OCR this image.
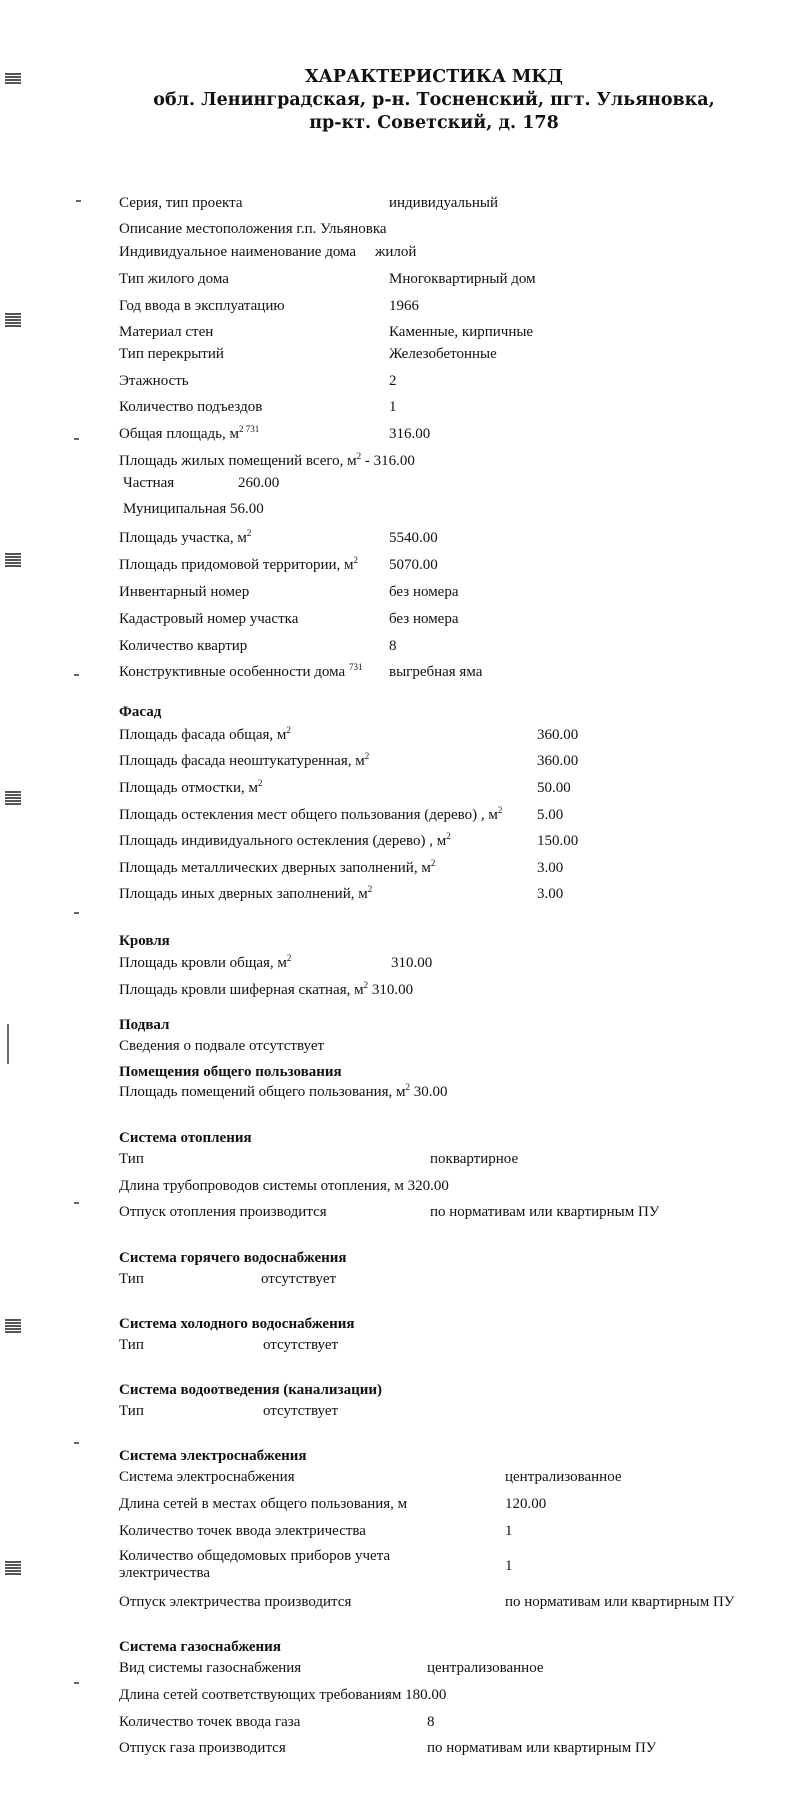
ХАРАКТЕРИСТИКА МКД
обл. Ленинградская, р-н. Тосненский, пгт. Ульяновка,
пр-кт. Советский, д. 178
Серия, тип проекта	индивидуальный
Описание местоположения г.п. Ульяновка
Индивидуальное наименование дома жилой
Тип жилого дома	Многоквартирный дом
Год ввода в эксплуатацию	1966
Материал стен	Каменные, кирпичные
Тип перекрытий	Железобетонные
Этажность	2
Количество подъездов	1
Общая площадь, $м^{2 731}$	316.00
Площадь жилых помещений всего, $м^2 - 316.00$
Частная	260.00
Муниципальная 56.00
Площадь участка, $м^2$	5540.00
Площадь придомовой территории, $м^2$ 5070.00
Инвентарный номер	без номера
Кадастровый номер участка	без номера
Количество квартир	8
Конструктивные особенности дома $^{731}$ выгребная яма
Фасад
Площадь фасада общая, $м^2$	360.00
Площадь фасада неоштукатуренная, $м^2$	360.00
Площадь отмостки, $м^2$	50.00
Площадь остекления мест общего пользования (дерево) , $м^2$ 5.00
Площадь индивидуального остекления (дерево) , $м^2$	150.00
Площадь металлических дверных заполнений, $м^2$	3.00
Площадь иных дверных заполнений, $м^2$	3.00
Кровля
Площадь кровли общая, $м^2$	310.00
Площадь кровли шиферная скатная, $м^2$ 310.00
Подвал
Сведения о подвале отсутствует
Помещения общего пользования
Площадь помещений общего пользования, $м^2$ 30.00
Система отопления
Тип	поквартирное
Длина трубопроводов системы отопления, м 320.00
Отпуск отопления производится	по нормативам или квартирным ПУ
Система горячего водоснабжения
Тип	отсутствует
Система холодного водоснабжения
Тип	отсутствует
Система водоотведения (канализации)
Тип	отсутствует
Система электроснабжения
Система электроснабжения	централизованное
Длина сетей в местах общего пользования, м	120.00
Количество точек ввода электричества	1
Количество общедомовых приборов учета электричества	1
Отпуск электричества производится	по нормативам или квартирным ПУ
Система газоснабжения
Вид системы газоснабжения	централизованное
Длина сетей соответствующих требованиям 180.00
Количество точек ввода газа	8
Отпуск газа производится	по нормативам или квартирным ПУ
